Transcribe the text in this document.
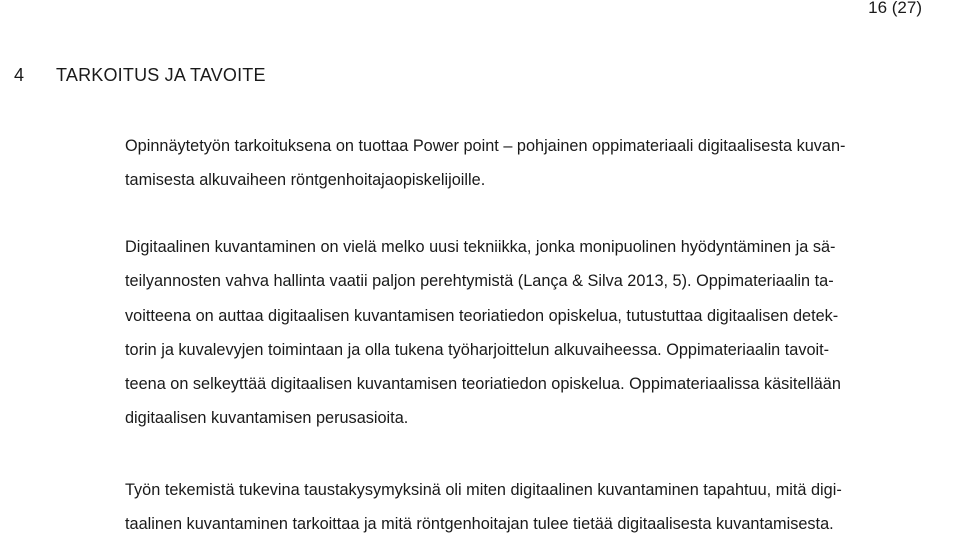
16 (27)
4 TARKOITUS JA TAVOITE

Opinnäytetyön tarkoituksena on tuottaa Power point – pohjainen oppimateriaali digitaalisesta kuvan-
tamisesta alkuvaiheen röntgenhoitajaopiskelijoille.

Digitaalinen kuvantaminen on vielä melko uusi tekniikka, jonka monipuolinen hyödyntäminen ja sä-
teilyannosten vahva hallinta vaatii paljon perehtymistä (Lança & Silva 2013, 5). Oppimateriaalin ta-
voitteena on auttaa digitaalisen kuvantamisen teoriatiedon opiskelua, tutustuttaa digitaalisen detek-
torin ja kuvalevyjen toimintaan ja olla tukena työharjoittelun alkuvaiheessa. Oppimateriaalin tavoit-
teena on selkeyttää digitaalisen kuvantamisen teoriatiedon opiskelua. Oppimateriaalissa käsitellään
digitaalisen kuvantamisen perusasioita.

Työn tekemistä tukevina taustakysymyksinä oli miten digitaalinen kuvantaminen tapahtuu, mitä digi-
taalinen kuvantaminen tarkoittaa ja mitä röntgenhoitajan tulee tietää digitaalisesta kuvantamisesta.
